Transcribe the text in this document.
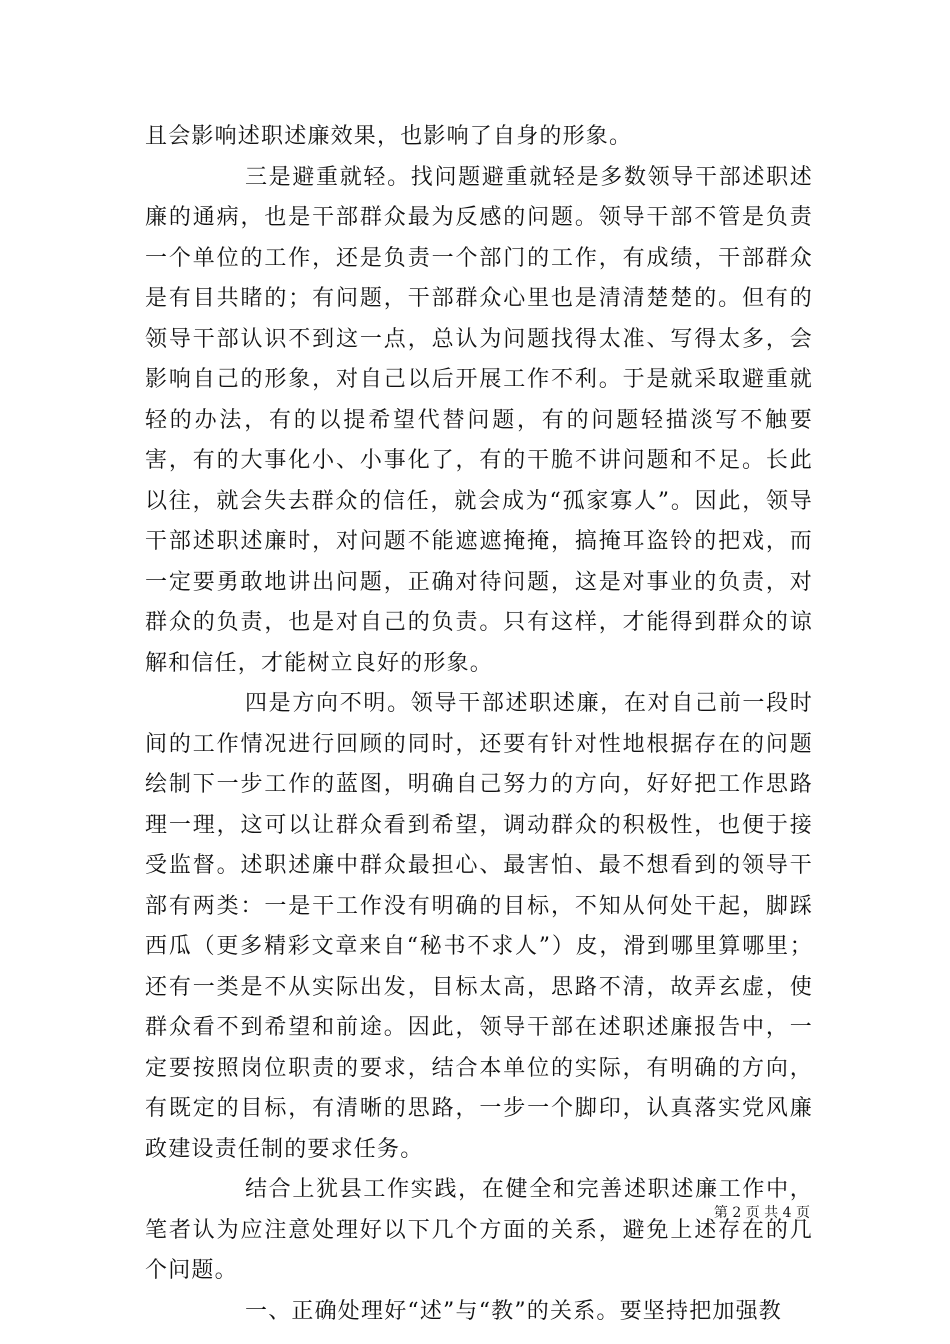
且会影响述职述廉效果，也影响了自身的形象。

三是避重就轻。找问题避重就轻是多数领导干部述职述廉的通病，也是干部群众最为反感的问题。领导干部不管是负责一个单位的工作，还是负责一个部门的工作，有成绩，干部群众是有目共睹的；有问题，干部群众心里也是清清楚楚的。但有的领导干部认识不到这一点，总认为问题找得太准、写得太多，会影响自己的形象，对自己以后开展工作不利。于是就采取避重就轻的办法，有的以提希望代替问题，有的问题轻描淡写不触要害，有的大事化小、小事化了，有的干脆不讲问题和不足。长此以往，就会失去群众的信任，就会成为“孤家寡人”。因此，领导干部述职述廉时，对问题不能遮遮掩掩，搞掩耳盗铃的把戏，而一定要勇敢地讲出问题，正确对待问题，这是对事业的负责，对群众的负责，也是对自己的负责。只有这样，才能得到群众的谅解和信任，才能树立良好的形象。

四是方向不明。领导干部述职述廉，在对自己前一段时间的工作情况进行回顾的同时，还要有针对性地根据存在的问题绘制下一步工作的蓝图，明确自己努力的方向，好好把工作思路理一理，这可以让群众看到希望，调动群众的积极性，也便于接受监督。述职述廉中群众最担心、最害怕、最不想看到的领导干部有两类：一是干工作没有明确的目标，不知从何处干起，脚踩西瓜（更多精彩文章来自“秘书不求人”）皮，滑到哪里算哪里；还有一类是不从实际出发，目标太高，思路不清，故弄玄虚，使群众看不到希望和前途。因此，领导干部在述职述廉报告中，一定要按照岗位职责的要求，结合本单位的实际，有明确的方向，有既定的目标，有清晰的思路，一步一个脚印，认真落实党风廉政建设责任制的要求任务。

结合上犹县工作实践，在健全和完善述职述廉工作中，笔者认为应注意处理好以下几个方面的关系，避免上述存在的几个问题。

一、正确处理好“述”与“教”的关系。要坚持把加强教

第 2 页 共 4 页
